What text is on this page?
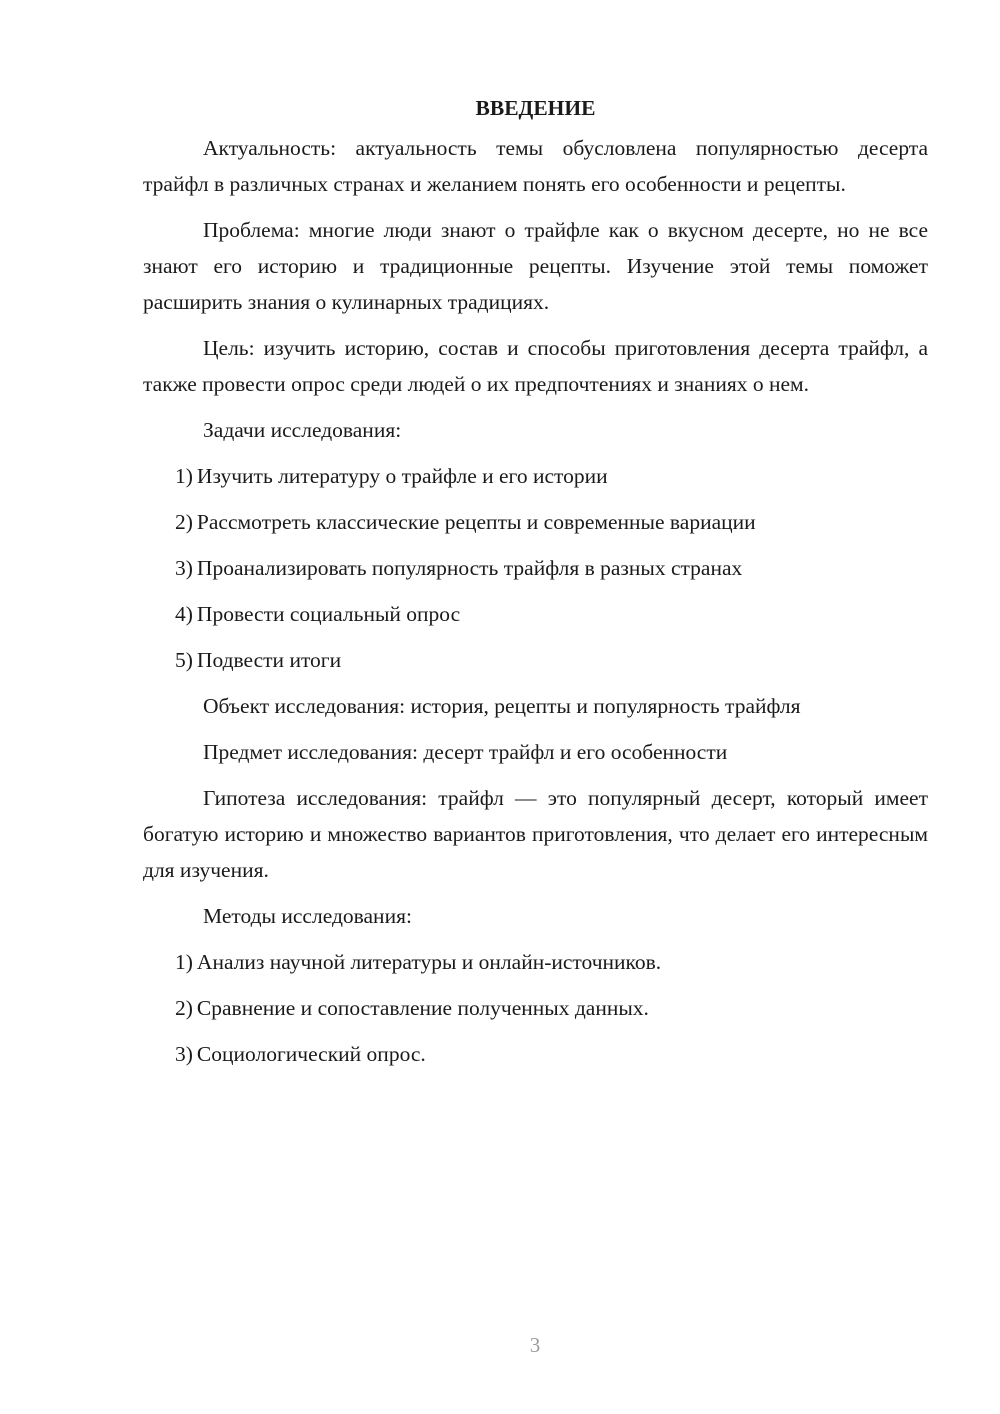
ВВЕДЕНИЕ

Актуальность: актуальность темы обусловлена популярностью десерта трайфл в различных странах и желанием понять его особенности и рецепты.

Проблема: многие люди знают о трайфле как о вкусном десерте, но не все знают его историю и традиционные рецепты. Изучение этой темы поможет расширить знания о кулинарных традициях.

Цель: изучить историю, состав и способы приготовления десерта трайфл, а также провести опрос среди людей о их предпочтениях и знаниях о нем.

Задачи исследования:

1) Изучить литературу о трайфле и его истории
2) Рассмотреть классические рецепты и современные вариации
3) Проанализировать популярность трайфля в разных странах
4) Провести социальный опрос
5) Подвести итоги

Объект исследования: история, рецепты и популярность трайфля

Предмет исследования: десерт трайфл и его особенности

Гипотеза исследования: трайфл — это популярный десерт, который имеет богатую историю и множество вариантов приготовления, что делает его интересным для изучения.

Методы исследования:

1) Анализ научной литературы и онлайн-источников.
2) Сравнение и сопоставление полученных данных.
3) Социологический опрос.
3
